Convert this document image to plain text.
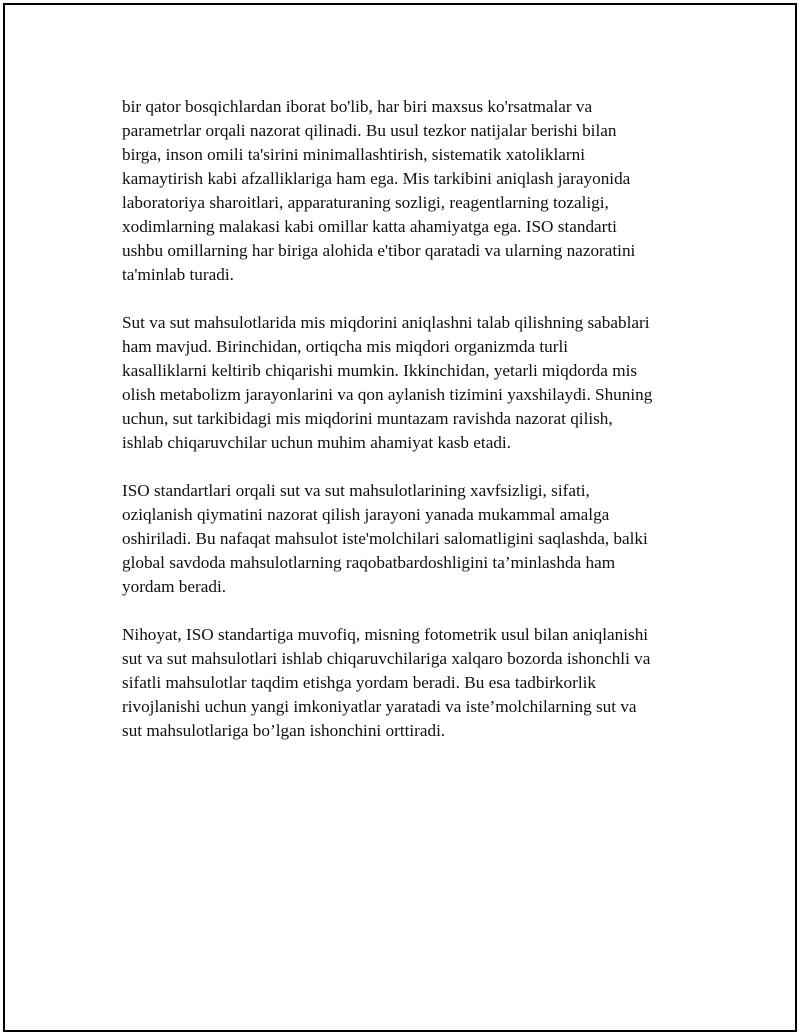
bir qator bosqichlardan iborat bo'lib, har biri maxsus ko'rsatmalar va
parametrlar orqali nazorat qilinadi. Bu usul tezkor natijalar berishi bilan
birga, inson omili ta'sirini minimallashtirish, sistematik xatoliklarni
kamaytirish kabi afzalliklariga ham ega. Mis tarkibini aniqlash jarayonida
laboratoriya sharoitlari, apparaturaning sozligi, reagentlarning tozaligi,
xodimlarning malakasi kabi omillar katta ahamiyatga ega. ISO standarti
ushbu omillarning har biriga alohida e'tibor qaratadi va ularning nazoratini
ta'minlab turadi.

Sut va sut mahsulotlarida mis miqdorini aniqlashni talab qilishning sabablari
ham mavjud. Birinchidan, ortiqcha mis miqdori organizmda turli
kasalliklarni keltirib chiqarishi mumkin. Ikkinchidan, yetarli miqdorda mis
olish metabolizm jarayonlarini va qon aylanish tizimini yaxshilaydi. Shuning
uchun, sut tarkibidagi mis miqdorini muntazam ravishda nazorat qilish,
ishlab chiqaruvchilar uchun muhim ahamiyat kasb etadi.

ISO standartlari orqali sut va sut mahsulotlarining xavfsizligi, sifati,
oziqlanish qiymatini nazorat qilish jarayoni yanada mukammal amalga
oshiriladi. Bu nafaqat mahsulot iste'molchilari salomatligini saqlashda, balki
global savdoda mahsulotlarning raqobatbardoshligini ta’minlashda ham
yordam beradi.

Nihoyat, ISO standartiga muvofiq, misning fotometrik usul bilan aniqlanishi
sut va sut mahsulotlari ishlab chiqaruvchilariga xalqaro bozorda ishonchli va
sifatli mahsulotlar taqdim etishga yordam beradi. Bu esa tadbirkorlik
rivojlanishi uchun yangi imkoniyatlar yaratadi va iste’molchilarning sut va
sut mahsulotlariga bo’lgan ishonchini orttiradi.
